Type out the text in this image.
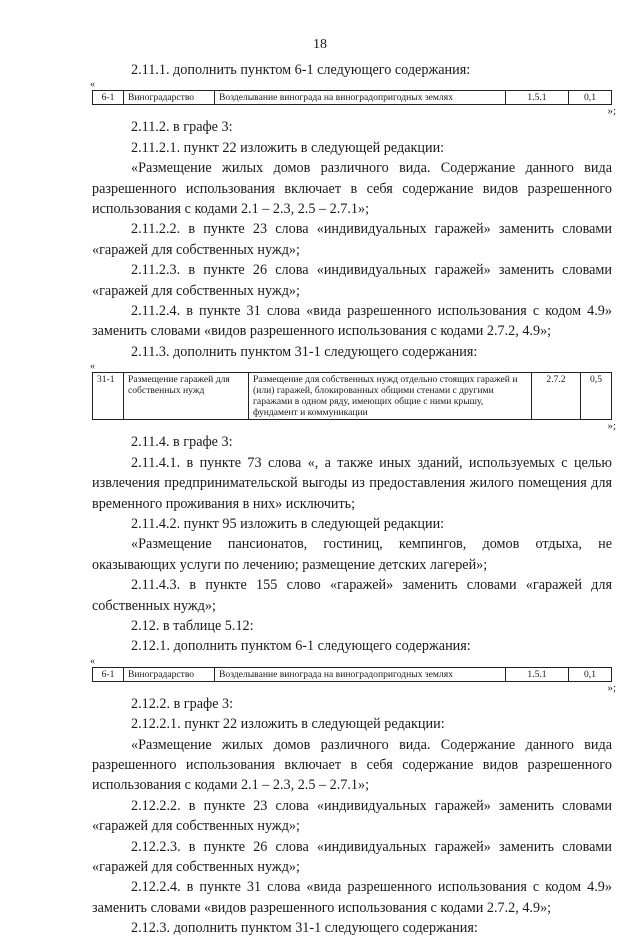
18

2.11.1. дополнить пунктом 6-1 следующего содержания:

«
6-1	Виноградарство	Возделывание винограда на виноградопригодных землях	1.5.1	0,1
»;

2.11.2. в графе 3:

2.11.2.1. пункт 22 изложить в следующей редакции:

«Размещение жилых домов различного вида. Содержание данного вида разрешенного использования включает в себя содержание видов разрешенного использования с кодами 2.1 – 2.3, 2.5 – 2.7.1»;

2.11.2.2. в пункте 23 слова «индивидуальных гаражей» заменить словами «гаражей для собственных нужд»;

2.11.2.3. в пункте 26 слова «индивидуальных гаражей» заменить словами «гаражей для собственных нужд»;

2.11.2.4. в пункте 31 слова «вида разрешенного использования с кодом 4.9» заменить словами «видов разрешенного использования с кодами 2.7.2, 4.9»;

2.11.3. дополнить пунктом 31-1 следующего содержания:

«
31-1	Размещение гаражей для собственных нужд	Размещение для собственных нужд отдельно стоящих гаражей и (или) гаражей, блокированных общими стенами с другими гаражами в одном ряду, имеющих общие с ними крышу, фундамент и коммуникации	2.7.2	0,5
»;

2.11.4. в графе 3:

2.11.4.1. в пункте 73 слова «, а также иных зданий, используемых с целью извлечения предпринимательской выгоды из предоставления жилого помещения для временного проживания в них» исключить;

2.11.4.2. пункт 95 изложить в следующей редакции:

«Размещение пансионатов, гостиниц, кемпингов, домов отдыха, не оказывающих услуги по лечению; размещение детских лагерей»;

2.11.4.3. в пункте 155 слово «гаражей» заменить словами «гаражей для собственных нужд»;

2.12. в таблице 5.12:

2.12.1. дополнить пунктом 6-1 следующего содержания:

«
6-1	Виноградарство	Возделывание винограда на виноградопригодных землях	1.5.1	0,1
»;

2.12.2. в графе 3:

2.12.2.1. пункт 22 изложить в следующей редакции:

«Размещение жилых домов различного вида. Содержание данного вида разрешенного использования включает в себя содержание видов разрешенного использования с кодами 2.1 – 2.3, 2.5 – 2.7.1»;

2.12.2.2. в пункте 23 слова «индивидуальных гаражей» заменить словами «гаражей для собственных нужд»;

2.12.2.3. в пункте 26 слова «индивидуальных гаражей» заменить словами «гаражей для собственных нужд»;

2.12.2.4. в пункте 31 слова «вида разрешенного использования с кодом 4.9» заменить словами «видов разрешенного использования с кодами 2.7.2, 4.9»;

2.12.3. дополнить пунктом 31-1 следующего содержания:
